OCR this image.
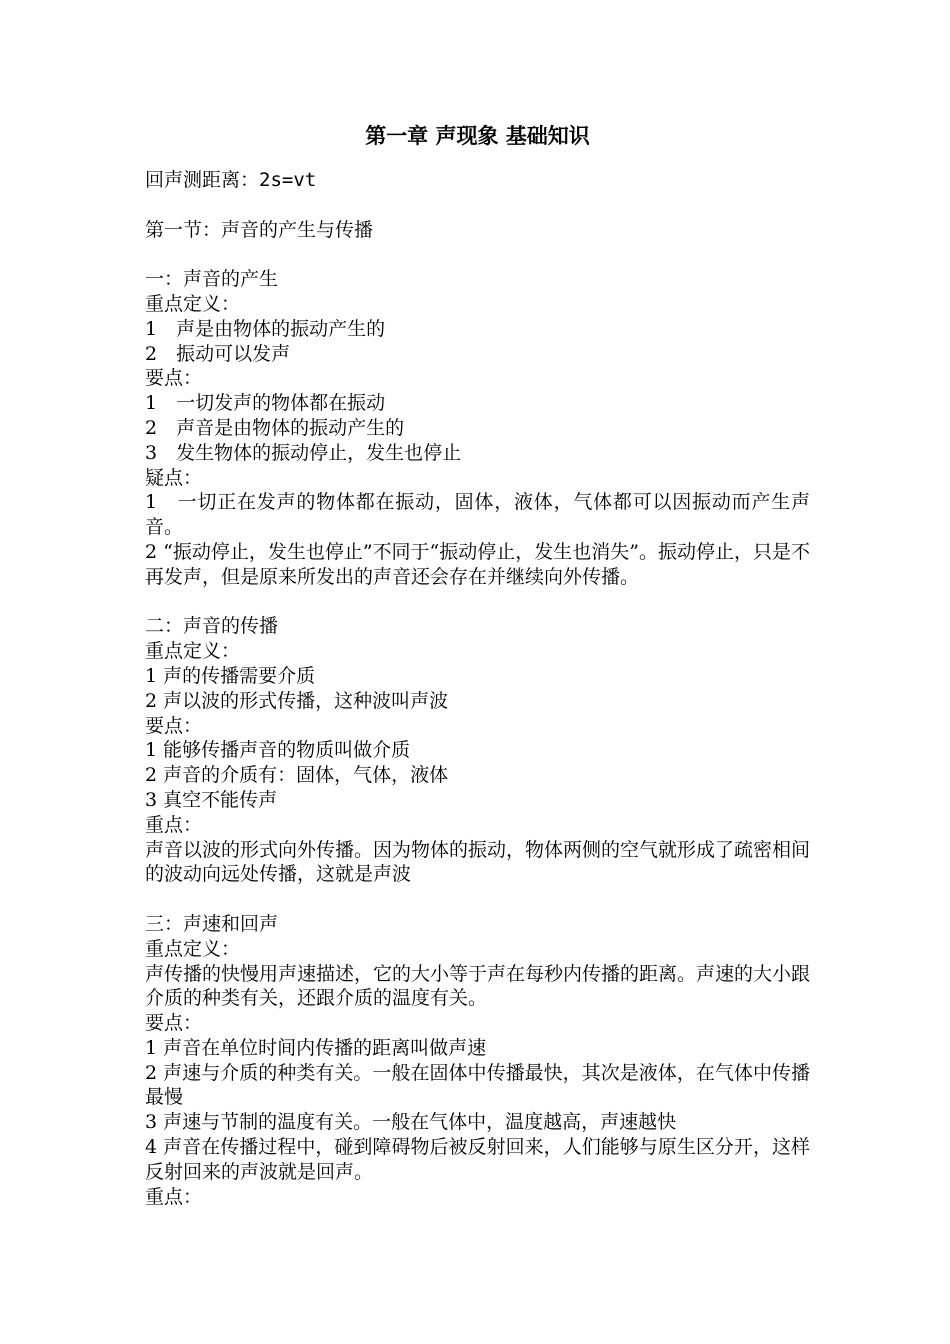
第一章 声现象 基础知识

回声测距离：2s=vt

第一节：声音的产生与传播

一：声音的产生

重点定义：

1　声是由物体的振动产生的

2　振动可以发声

要点：

1　一切发声的物体都在振动

2　声音是由物体的振动产生的

3　发生物体的振动停止，发生也停止

疑点：

1　一切正在发声的物体都在振动，固体，液体，气体都可以因振动而产生声音。

2 “振动停止，发生也停止”不同于“振动停止，发生也消失”。振动停止，只是不再发声，但是原来所发出的声音还会存在并继续向外传播。

二：声音的传播

重点定义：

1 声的传播需要介质

2 声以波的形式传播，这种波叫声波

要点：

1 能够传播声音的物质叫做介质

2 声音的介质有：固体，气体，液体

3 真空不能传声

重点：

声音以波的形式向外传播。因为物体的振动，物体两侧的空气就形成了疏密相间的波动向远处传播，这就是声波

三：声速和回声

重点定义：

声传播的快慢用声速描述，它的大小等于声在每秒内传播的距离。声速的大小跟介质的种类有关，还跟介质的温度有关。

要点：

1 声音在单位时间内传播的距离叫做声速

2 声速与介质的种类有关。一般在固体中传播最快，其次是液体，在气体中传播最慢

3 声速与节制的温度有关。一般在气体中，温度越高，声速越快

4 声音在传播过程中，碰到障碍物后被反射回来，人们能够与原生区分开，这样反射回来的声波就是回声。

重点：
